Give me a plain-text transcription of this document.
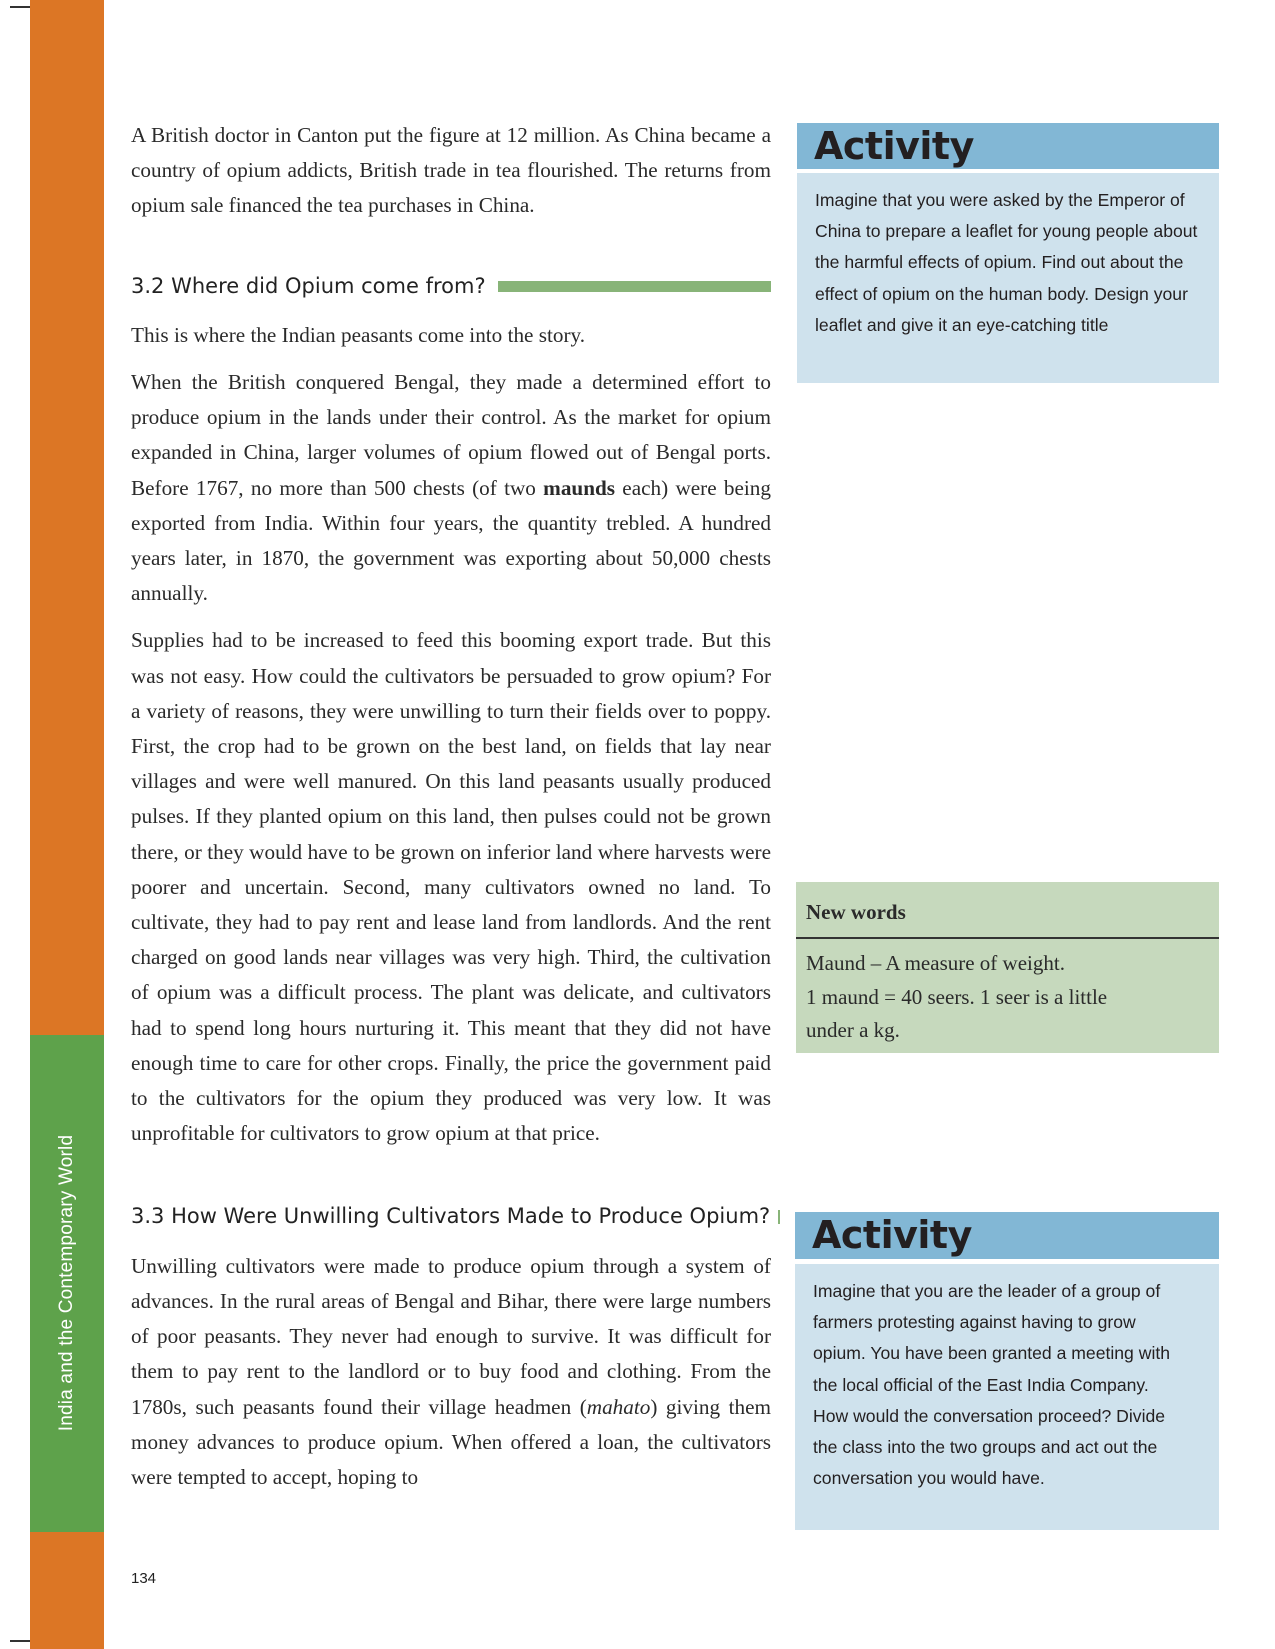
India and the Contemporary World

A British doctor in Canton put the figure at 12 million. As China became a country of opium addicts, British trade in tea flourished. The returns from opium sale financed the tea purchases in China.

3.2 Where did Opium come from?

This is where the Indian peasants come into the story.

When the British conquered Bengal, they made a determined effort to produce opium in the lands under their control. As the market for opium expanded in China, larger volumes of opium flowed out of Bengal ports. Before 1767, no more than 500 chests (of two maunds each) were being exported from India. Within four years, the quantity trebled. A hundred years later, in 1870, the government was exporting about 50,000 chests annually.

Supplies had to be increased to feed this booming export trade. But this was not easy. How could the cultivators be persuaded to grow opium? For a variety of reasons, they were unwilling to turn their fields over to poppy. First, the crop had to be grown on the best land, on fields that lay near villages and were well manured. On this land peasants usually produced pulses. If they planted opium on this land, then pulses could not be grown there, or they would have to be grown on inferior land where harvests were poorer and uncertain. Second, many cultivators owned no land. To cultivate, they had to pay rent and lease land from landlords. And the rent charged on good lands near villages was very high. Third, the cultivation of opium was a difficult process. The plant was delicate, and cultivators had to spend long hours nurturing it. This meant that they did not have enough time to care for other crops. Finally, the price the government paid to the cultivators for the opium they produced was very low. It was unprofitable for cultivators to grow opium at that price.

3.3 How Were Unwilling Cultivators Made to Produce Opium?

Unwilling cultivators were made to produce opium through a system of advances. In the rural areas of Bengal and Bihar, there were large numbers of poor peasants. They never had enough to survive. It was difficult for them to pay rent to the landlord or to buy food and clothing. From the 1780s, such peasants found their village headmen (mahato) giving them money advances to produce opium. When offered a loan, the cultivators were tempted to accept, hoping to

134
Activity
Imagine that you were asked by the Emperor of China to prepare a leaflet for young people about the harmful effects of opium. Find out about the effect of opium on the human body. Design your leaflet and give it an eye-catching title
New words
Maund – A measure of weight.
1 maund = 40 seers. 1 seer is a little under a kg.
Activity
Imagine that you are the leader of a group of farmers protesting against having to grow opium. You have been granted a meeting with the local official of the East India Company. How would the conversation proceed? Divide the class into the two groups and act out the conversation you would have.
